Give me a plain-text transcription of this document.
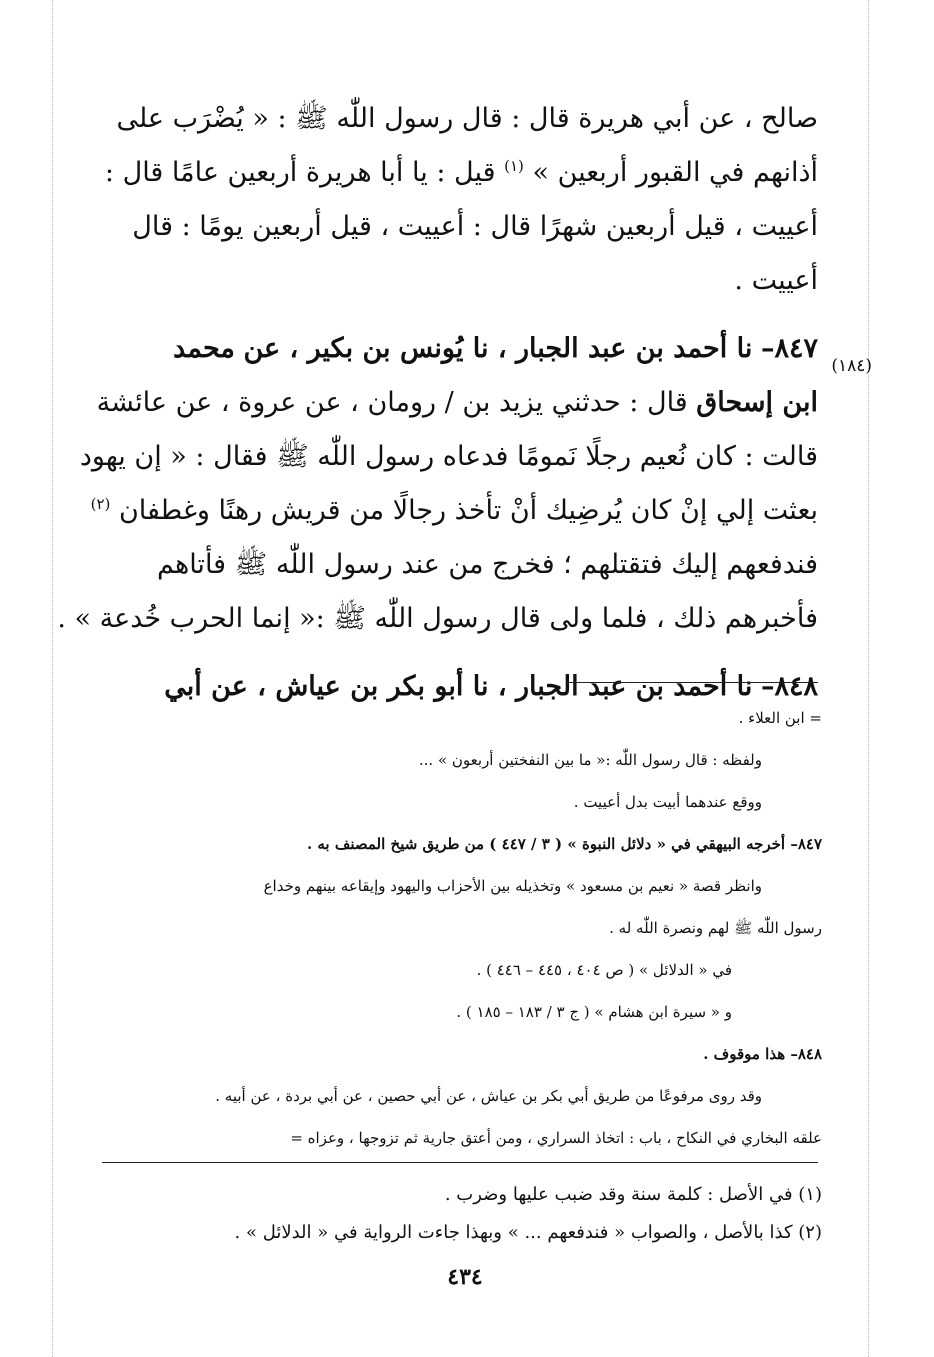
صالح ، عن أبي هريرة قال : قال رسول اللّٰه ﷺ : « يُضْرَب على
أذانهم في القبور أربعين » $^{(١)}$ قيل : يا أبا هريرة أربعين عامًا قال :
أعييت ، قيل أربعين شهرًا قال : أعييت ، قيل أربعين يومًا : قال
أعييت .
٨٤٧– نا أحمد بن عبد الجبار ، نا يُونس بن بكير ، عن محمد
ابن إسحاق قال : حدثني يزيد بن / رومان ، عن عروة ، عن عائشة
قالت : كان نُعيم رجلًا نَمومًا فدعاه رسول اللّٰه ﷺ فقال : « إن يهود
بعثت إلي إنْ كان يُرضِيك أنْ تأخذ رجالًا من قريش رهنًا وغطفان $^{(٢)}$
فندفعهم إليك فتقتلهم ؛ فخرج من عند رسول اللّٰه ﷺ فأتاهم
فأخبرهم ذلك ، فلما ولى قال رسول اللّٰه ﷺ :« إنما الحرب خُدعة » .
٨٤٨– نا أحمد بن عبد الجبار ، نا أبو بكر بن عياش ، عن أبي
(١٨٤)
= ابن العلاء .
ولفظه : قال رسول اللّٰه :« ما بين النفختين أربعون » ...
ووقع عندهما أبيت بدل أعييت .
٨٤٧– أخرجه البيهقي في « دلائل النبوة » ( ٣ / ٤٤٧ ) من طريق شيخ المصنف به .
وانظر قصة « نعيم بن مسعود » وتخذيله بين الأحزاب واليهود وإيقاعه بينهم وخداع
رسول اللّٰه ﷺ لهم ونصرة اللّٰه له .
في « الدلائل » ( ص ٤٠٤ ، ٤٤٥ – ٤٤٦ ) .
و « سيرة ابن هشام » ( ج ٣ / ١٨٣ – ١٨٥ ) .
٨٤٨– هذا موقوف .
وقد روى مرفوعًا من طريق أبي بكر بن عياش ، عن أبي حصين ، عن أبي بردة ، عن أبيه .
علقه البخاري في النكاح ، باب : اتخاذ السراري ، ومن أعتق جارية ثم تزوجها ، وعزاه =
(١) في الأصل : كلمة سنة وقد ضبب عليها وضرب .
(٢) كذا بالأصل ، والصواب « فندفعهم ... » وبهذا جاءت الرواية في « الدلائل » .
٤٣٤
